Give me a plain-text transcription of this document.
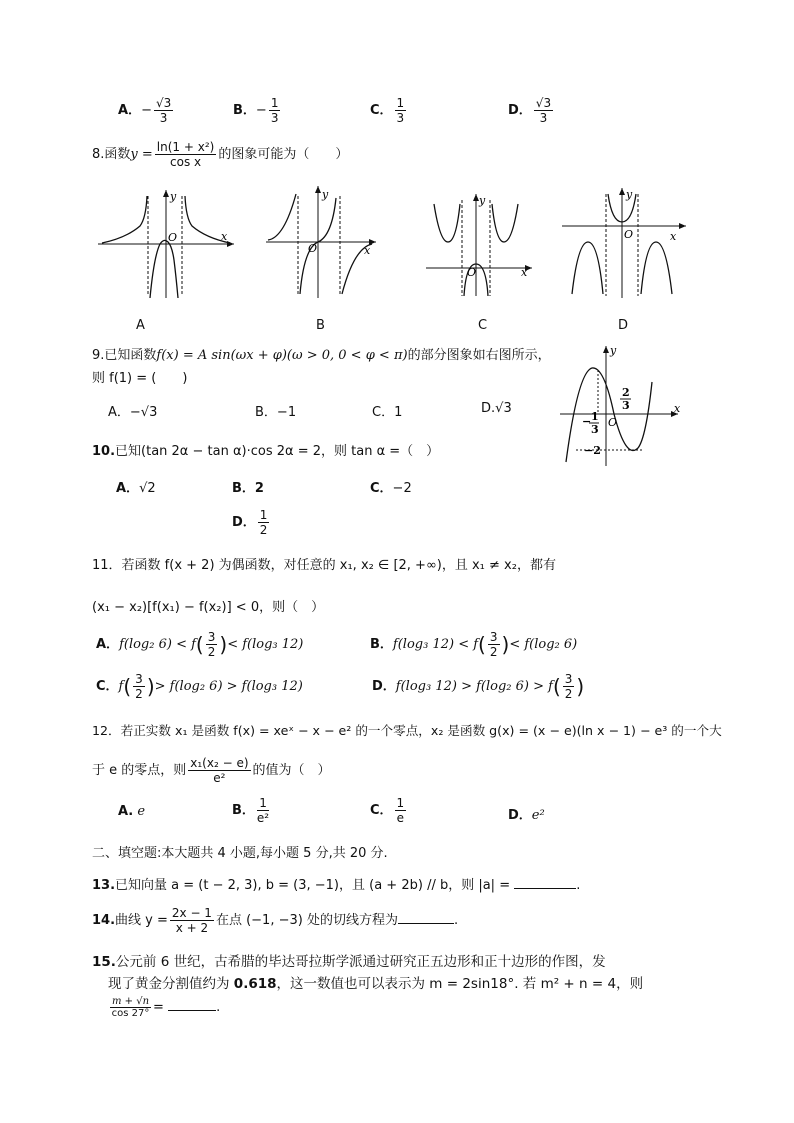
A．− $\frac{√3}{3}$	B．− $\frac{1}{3}$	C． $\frac{1}{3}$	D． $\frac{√3}{3}$
8.函数$y = \frac{\text{ln(1 + x²)}}{\text{cos x}}$ 的图象可能为（　　）
x
y
O
A
x
y
O
B
x
y
O
C
x
y
O
D
9.已知函数f(x) = A sin(ωx + φ)(ω > 0, 0 < φ < π)的部分图象如右图所示，
则 f(1) = (　　)
A．−√3	B．−1	C．1	D.√3	x
y
O
2
3
− 1
3
−2
10.已知(tan 2α − tan α)·cos 2α = 2，则 tan α =（　）
A．√2	B．2	C．−2
D． $\frac{1}{2}$
11．若函数 f(x + 2) 为偶函数，对任意的 x₁, x₂ ∈ [2, +∞)，且 x₁ ≠ x₂，都有
(x₁ − x₂)[f(x₁) − f(x₂)] < 0，则（　）
A．f(log₂ $6) < f( \frac{3}{2}$ )< f(log₃ 12)	B．f(log₃ $12) < f( \frac{3}{2}$ )< f(log₂ 6)
C．$f( \frac{3}{2}$ )> f(log₂ 6) > f(log₃ 12)	D．f(log₃ 12) > f(log₂ $6) > f( \frac{3}{2}$ )
12．若正实数 x₁ 是函数 f(x) = xeˣ − x − e² 的一个零点，x₂ 是函数 g(x) = (x − e)(ln x − 1) − e³ 的一个大
于 e 的零点，则 $\frac{\text{x₁(x₂ − e)}}{\text{e²}}$ 的值为（　）
A. e	B． $\frac{1}{\text{e²}}$	C． $\frac{1}{e}$	D．e²
二、填空题:本大题共 4 小题,每小题 5 分,共 20 分.
13.已知向量 a = (t − 2, 3), b = (3, −1)，且 (a + 2b) // b，则 |a| =	.
14.曲线 $y = \frac{2x - 1}{x + 2}$ 在点 (−1, −3) 处的切线方程为	.
15.公元前 6 世纪，古希腊的毕达哥拉斯学派通过研究正五边形和正十边形的作图，发
现了黄金分割值约为 0.618，这一数值也可以表示为 m = 2sin18°. 若 m² + n = 4，则
$\frac{m + √n}{\cos 27^\circ}$ =	.
